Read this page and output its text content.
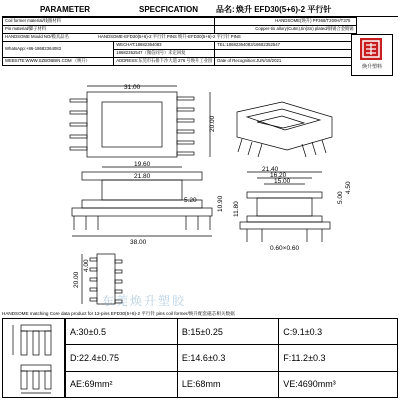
PARAMETER	SPECFICATION 品名: 焕升 EFD30(5+6)-2 平行针
Coil former material/线圈材料		HANDSOME(焕升) PF368/T200H/T375	
Pin material/脚子材料		Copper-tin allory(Cu6n),tin(Sn) plated/铜锡合金镀锡	
HANDSOME Mould NO/模具品名 HANDSOME-EFD30(5+6)-2 平行针 PINS 焕升-EFD30(5+6)-2 平行针 PINS			
WhatsApp:+86-18682364083	WECHAT:18682364083	TEL:18682364083/18682352547	
	18682352547（微信同号）未定回复		
WEBSITE:WWW.SZBOBBIN.COM （焕升）	ADDRESS:东莞市石排下沙大道 276 号焕升工业园	Date of Recognition:JUN/18/2021	
焕升塑料
31.00
20.00
21.80
19.60
5.20	10.90
38.00
21.40
16.20
15.00
5.00
4.50
11.80
0.60×0.60
20.00
4.00
东莞焕升塑胶
HANDSOME matching Core data product for 12-pins EFD30(5+6)-2 平行针 pins coil former/焕升配套磁芯相关数据
A:30±0.5	B:15±0.25	C:9.1±0.3
D:22.4±0.75	E:14.6±0.3	F:11.2±0.3
AE:69mm²	LE:68mm	VE:4690mm³
